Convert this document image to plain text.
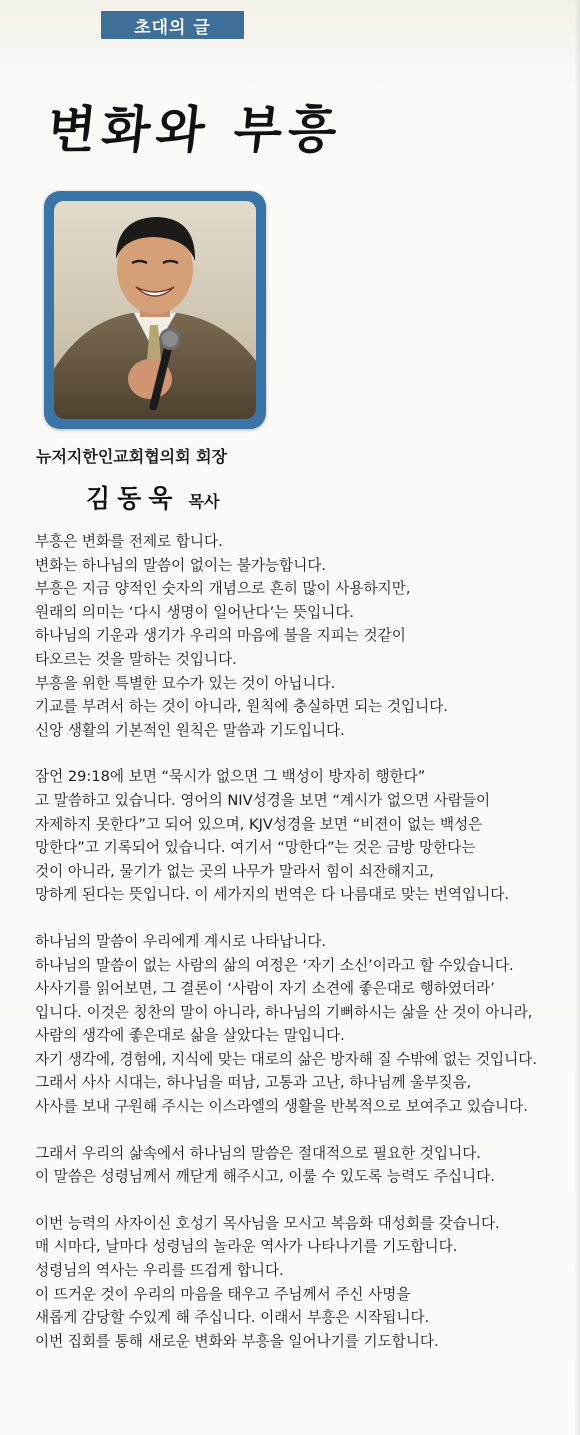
초대의 글
변화와 부흥
뉴저지한인교회협의회 회장
김동욱 목사
부흥은 변화를 전제로 합니다.
변화는 하나님의 말씀이 없이는 불가능합니다.
부흥은 지금 양적인 숫자의 개념으로 흔히 많이 사용하지만,
원래의 의미는 ‘다시 생명이 일어난다’는 뜻입니다.
하나님의 기운과 생기가 우리의 마음에 불을 지피는 것같이
타오르는 것을 말하는 것입니다.
부흥을 위한 특별한 묘수가 있는 것이 아닙니다.
기교를 부려서 하는 것이 아니라, 원칙에 충실하면 되는 것입니다.
신앙 생활의 기본적인 원칙은 말씀과 기도입니다.
잠언 29:18에 보면 “묵시가 없으면 그 백성이 방자히 행한다”
고 말씀하고 있습니다. 영어의 NIV성경을 보면 “계시가 없으면 사람들이
자제하지 못한다”고 되어 있으며, KJV성경을 보면 “비젼이 없는 백성은
망한다”고 기록되어 있습니다. 여기서 “망한다”는 것은 금방 망한다는
것이 아니라, 물기가 없는 곳의 나무가 말라서 힘이 쇠잔해지고,
망하게 된다는 뜻입니다. 이 세가지의 번역은 다 나름대로 맞는 번역입니다.
하나님의 말씀이 우리에게 계시로 나타납니다.
하나님의 말씀이 없는 사람의 삶의 여정은 ‘자기 소신’이라고 할 수있습니다.
사사기를 읽어보면, 그 결론이 ‘사람이 자기 소견에 좋은대로 행하였더라’
입니다. 이것은 칭찬의 말이 아니라, 하나님의 기뻐하시는 삶을 산 것이 아니라,
사람의 생각에 좋은대로 삶을 살았다는 말입니다.
자기 생각에, 경험에, 지식에 맞는 대로의 삶은 방자해 질 수밖에 없는 것입니다.
그래서 사사 시대는, 하나님을 떠남, 고통과 고난, 하나님께 울부짖음,
사사를 보내 구원해 주시는 이스라엘의 생활을 반복적으로 보여주고 있습니다.
그래서 우리의 삶속에서 하나님의 말씀은 절대적으로 필요한 것입니다.
이 말씀은 성령님께서 깨닫게 해주시고, 이룰 수 있도록 능력도 주십니다.
이번 능력의 사자이신 호성기 목사님을 모시고 복음화 대성회를 갖습니다.
매 시마다, 날마다 성령님의 놀라운 역사가 나타나기를 기도합니다.
성령님의 역사는 우리를 뜨겁게 합니다.
이 뜨거운 것이 우리의 마음을 태우고 주님께서 주신 사명을
새롭게 감당할 수있게 해 주십니다. 이래서 부흥은 시작됩니다.
이번 집회를 통해 새로운 변화와 부흥을 일어나기를 기도합니다.
